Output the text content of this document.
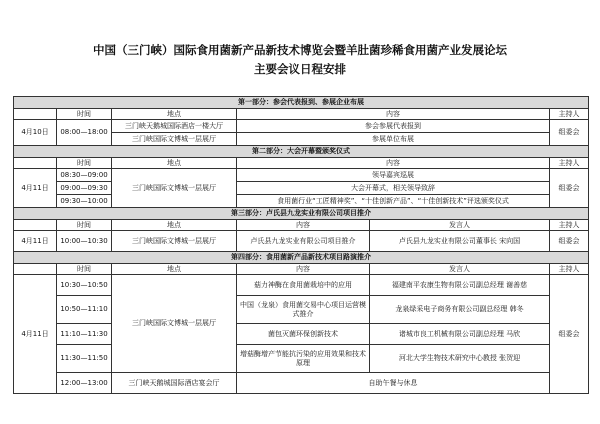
中国（三门峡）国际食用菌新产品新技术博览会暨羊肚菌珍稀食用菌产业发展论坛
主要会议日程安排
第一部分：参会代表报到、参展企业布展					
	时间	地点	内容		主持人
4月10日	08:00—18:00	三门峡天鹅城国际酒店一楼大厅	参会参展代表报到		组委会
		三门峡国际文博城一层展厅	参展单位布展		
第二部分：大会开幕暨颁奖仪式					
	时间	地点	内容		主持人
4月11日	08:30—09:00	三门峡国际文博城一层展厅	领导嘉宾巡展		组委会
	09:00—09:30		大会开幕式，相关领导致辞		
	09:30—10:00		食用菌行业“工匠精神奖”、“十佳创新产品”、“十佳创新技术”评选颁奖仪式		
第三部分：卢氏县九龙实业有限公司项目推介					
	时间	地点	内容	发言人	主持人
4月11日	10:00—10:30	三门峡国际文博城一层展厅	卢氏县九龙实业有限公司项目推介	卢氏县九龙实业有限公司董事长 宋向国	组委会
第四部分：食用菌新产品新技术项目路演推介					
	时间	地点	内容	发言人	主持人
4月11日	10:30—10:50	三门峡国际文博城一层展厅	菇力神酶在食用菌栽培中的应用	福建南平农康生物有限公司副总经理 谢善慈	组委会
	10:50—11:10		中国（龙泉）食用菌交易中心项目运营模式推介	龙泉绿采电子商务有限公司副总经理 韩冬	
	11:10—11:30		菌包灭菌环保创新技术	诸城市良工机械有限公司副总经理 马欣	
	11:30—11:50		增菇酶增产节能抗污染的应用效果和技术原理	河北大学生物技术研究中心教授 张贺迎	
	12:00—13:00	三门峡天鹅城国际酒店宴会厅	自助午餐与休息		
